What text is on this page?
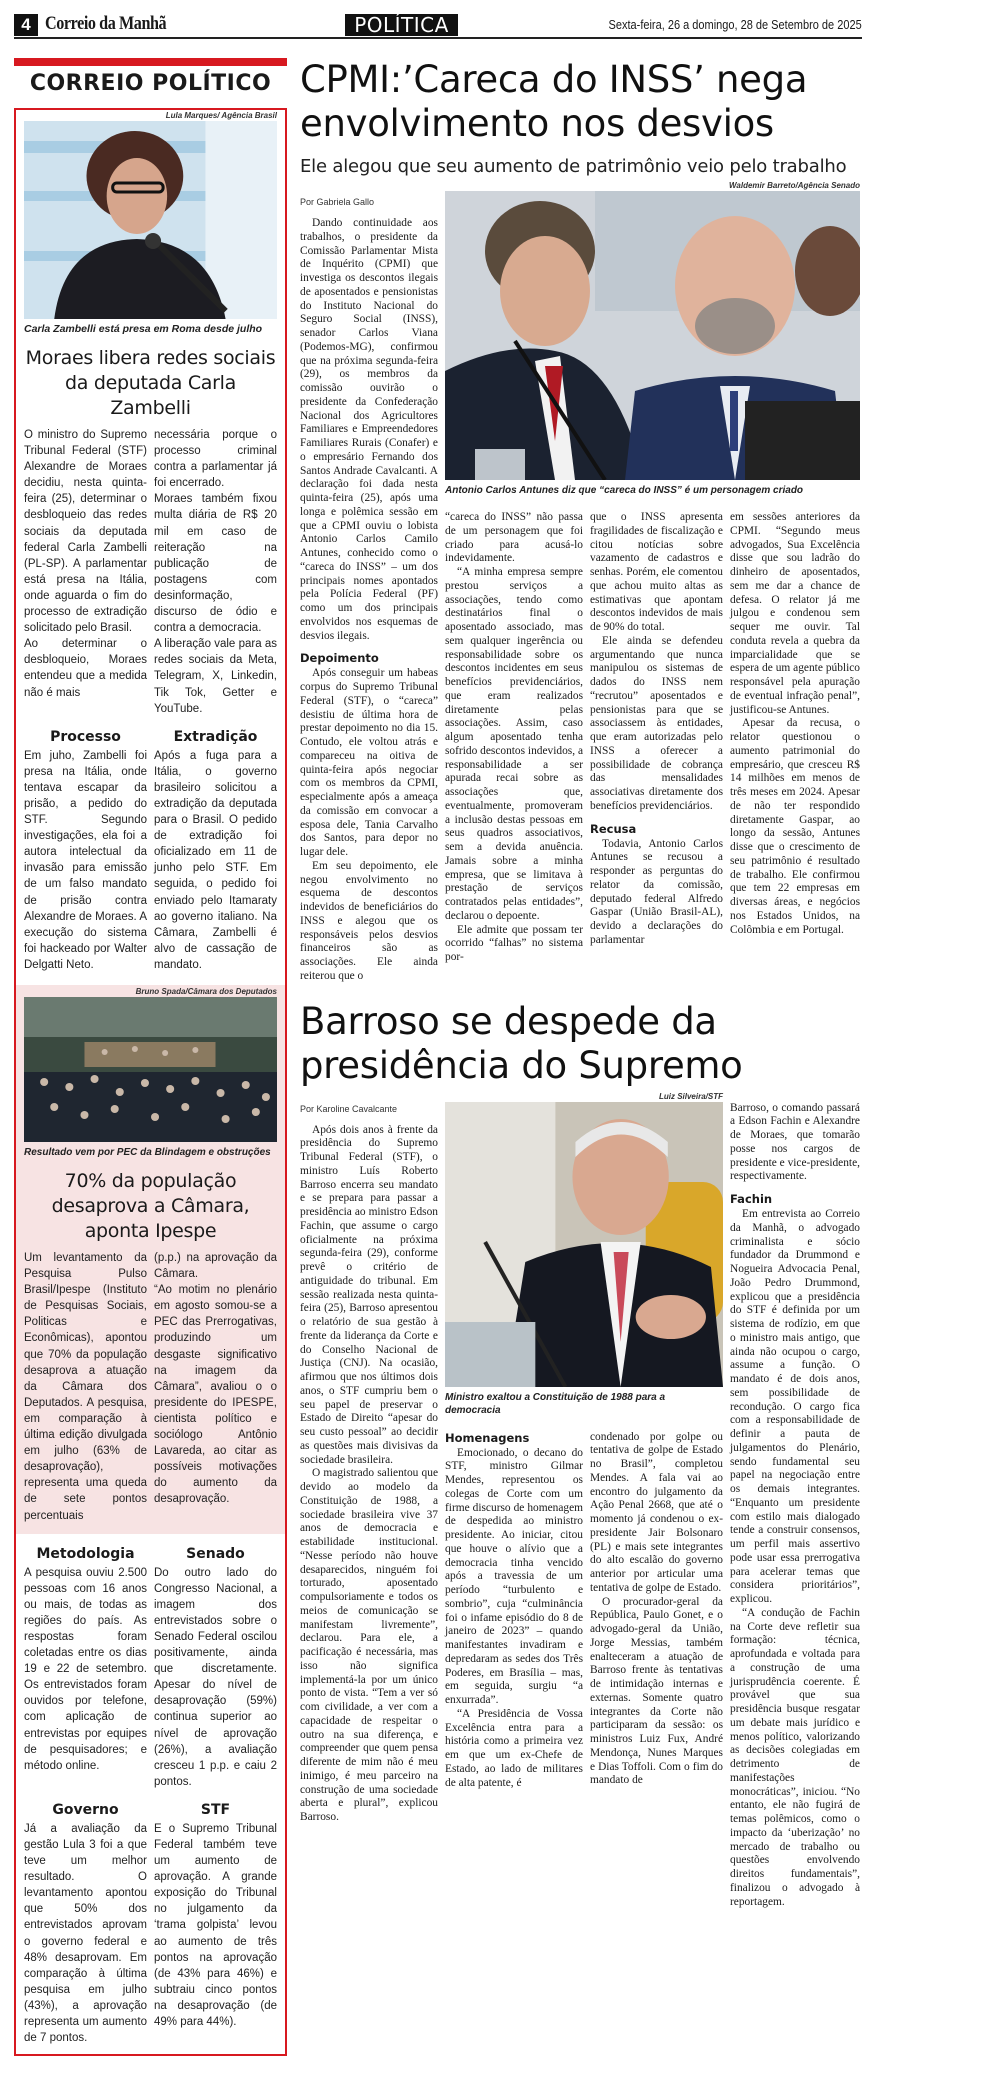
4 Correio da Manhã	POLÍTICA	Sexta-feira, 26 a domingo, 28 de Setembro de 2025
CORREIO POLÍTICO
Lula Marques/ Agência Brasil
Carla Zambelli está presa em Roma desde julho
Moraes libera redes sociais da deputada Carla Zambelli

O ministro do Supremo Tribunal Federal (STF) Alexandre de Moraes decidiu, nesta quinta-feira (25), determinar o desbloqueio das redes sociais da deputada federal Carla Zambelli (PL-SP). A parlamentar está presa na Itália, onde aguarda o fim do processo de extradição solicitado pelo Brasil.

Ao determinar o desbloqueio, Moraes entendeu que a medida não é mais

necessária porque o processo criminal contra a parlamentar já foi encerrado.

Moraes também fixou multa diária de R$ 20 mil em caso de reiteração na publicação de postagens com desinformação, discurso de ódio e contra a democracia.

A liberação vale para as redes sociais da Meta, Telegram, X, Linkedin, Tik Tok, Getter e YouTube.

Processo
Em juho, Zambelli foi presa na Itália, onde tentava escapar da prisão, a pedido do STF. Segundo investigações, ela foi a autora intelectual da invasão para emissão de um falso mandato de prisão contra Alexandre de Moraes. A execução do sistema foi hackeado por Walter Delgatti Neto.
Extradição
Após a fuga para a Itália, o governo brasileiro solicitou a extradição da deputada para o Brasil. O pedido de extradição foi oficializado em 11 de junho pelo STF. Em seguida, o pedido foi enviado pelo Itamaraty ao governo italiano. Na Câmara, Zambelli é alvo de cassação de mandato.
Bruno Spada/Câmara dos Deputados
Resultado vem por PEC da Blindagem e obstruções
70% da população desaprova a Câmara, aponta Ipespe

Um levantamento da Pesquisa Pulso Brasil/Ipespe (Instituto de Pesquisas Sociais, Politicas e Econômicas), apontou que 70% da população desaprova a atuação da Câmara dos Deputados. A pesquisa, em comparação à última edição divulgada em julho (63% de desaprovação), representa uma queda de sete pontos percentuais

(p.p.) na aprovação da Câmara.

“Ao motim no plenário em agosto somou-se a PEC das Prerrogativas, produzindo um desgaste significativo na imagem da Câmara”, avaliou o o presidente do IPESPE, cientista político e sociólogo Antônio Lavareda, ao citar as possíveis motivações do aumento da desaprovação.

Metodologia
A pesquisa ouviu 2.500 pessoas com 16 anos ou mais, de todas as regiões do país. As respostas foram coletadas entre os dias 19 e 22 de setembro. Os entrevistados foram ouvidos por telefone, com aplicação de entrevistas por equipes de pesquisadores; e método online.
Senado
Do outro lado do Congresso Nacional, a imagem dos entrevistados sobre o Senado Federal oscilou positivamente, ainda que discretamente. Apesar do nível de desaprovação (59%) continua superior ao nível de aprovação (26%), a avaliação cresceu 1 p.p. e caiu 2 pontos.
Governo
Já a avaliação da gestão Lula 3 foi a que teve um melhor resultado. O levantamento apontou que 50% dos entrevistados aprovam o governo federal e 48% desaprovam. Em comparação à última pesquisa em julho (43%), a aprovação representa um aumento de 7 pontos.
STF
E o Supremo Tribunal Federal também teve um aumento de aprovação. A grande exposição do Tribunal no julgamento da ‘trama golpista’ levou ao aumento de três pontos na aprovação (de 43% para 46%) e subtraiu cinco pontos na desaprovação (de 49% para 44%).
CPMI:’Careca do INSS’ nega envolvimento nos desvios
Ele alegou que seu aumento de patrimônio veio pelo trabalho
Por Gabriela Gallo

Dando continuidade aos trabalhos, o presidente da Comissão Parlamentar Mista de Inquérito (CPMI) que investiga os descontos ilegais de aposentados e pensionistas do Instituto Nacional do Seguro Social (INSS), senador Carlos Viana (Podemos-MG), confirmou que na próxima segunda-feira (29), os membros da comissão ouvirão o presidente da Confederação Nacional dos Agricultores Familiares e Empreendedores Familiares Rurais (Conafer) e o empresário Fernando dos Santos Andrade Cavalcanti. A declaração foi dada nesta quinta-feira (25), após uma longa e polêmica sessão em que a CPMI ouviu o lobista Antonio Carlos Camilo Antunes, conhecido como o “careca do INSS” – um dos principais nomes apontados pela Polícia Federal (PF) como um dos principais envolvidos nos esquemas de desvios ilegais.

Depoimento

Após conseguir um habeas corpus do Supremo Tribunal Federal (STF), o “careca” desistiu de última hora de prestar depoimento no dia 15. Contudo, ele voltou atrás e compareceu na oitiva de quinta-feira após negociar com os membros da CPMI, especialmente após a ameaça da comissão em convocar a esposa dele, Tania Carvalho dos Santos, para depor no lugar dele.

Em seu depoimento, ele negou envolvimento no esquema de descontos indevidos de beneficiários do INSS e alegou que os responsáveis pelos desvios financeiros são as associações. Ele ainda reiterou que o

Waldemir Barreto/Agência Senado
Antonio Carlos Antunes diz que “careca do INSS” é um personagem criado

“careca do INSS” não passa de um personagem que foi criado para acusá-lo indevidamente.

“A minha empresa sempre prestou serviços a associações, tendo como destinatários final o aposentado associado, mas sem qualquer ingerência ou responsabilidade sobre os descontos incidentes em seus benefícios previdenciários, que eram realizados diretamente pelas associações. Assim, caso algum aposentado tenha sofrido descontos indevidos, a responsabilidade a ser apurada recai sobre as associações que, eventualmente, promoveram a inclusão destas pessoas em seus quadros associativos, sem a devida anuência. Jamais sobre a minha empresa, que se limitava à prestação de serviços contratados pelas entidades”, declarou o depoente.

Ele admite que possam ter ocorrido “falhas” no sistema por-

que o INSS apresenta fragilidades de fiscalização e citou notícias sobre vazamento de cadastros e senhas. Porém, ele comentou que achou muito altas as estimativas que apontam descontos indevidos de mais de 90% do total.

Ele ainda se defendeu argumentando que nunca manipulou os sistemas de dados do INSS nem “recrutou” aposentados e pensionistas para que se associassem às entidades, que eram autorizadas pelo INSS a oferecer a possibilidade de cobrança das mensalidades associativas diretamente dos benefícios previdenciários.

Recusa

Todavia, Antonio Carlos Antunes se recusou a responder as perguntas do relator da comissão, deputado federal Alfredo Gaspar (União Brasil-AL), devido a declarações do parlamentar

em sessões anteriores da CPMI. “Segundo meus advogados, Sua Excelência disse que sou ladrão do dinheiro de aposentados, sem me dar a chance de defesa. O relator já me julgou e condenou sem sequer me ouvir. Tal conduta revela a quebra da imparcialidade que se espera de um agente público responsável pela apuração de eventual infração penal”, justificou-se Antunes.

Apesar da recusa, o relator questionou o aumento patrimonial do empresário, que cresceu R$ 14 milhões em menos de três meses em 2024. Apesar de não ter respondido diretamente Gaspar, ao longo da sessão, Antunes disse que o crescimento de seu patrimônio é resultado de trabalho. Ele confirmou que tem 22 empresas em diversas áreas, e negócios nos Estados Unidos, na Colômbia e em Portugal.

Barroso se despede da presidência do Supremo
Por Karoline Cavalcante

Após dois anos à frente da presidência do Supremo Tribunal Federal (STF), o ministro Luís Roberto Barroso encerra seu mandato e se prepara para passar a presidência ao ministro Edson Fachin, que assume o cargo oficialmente na próxima segunda-feira (29), conforme prevê o critério de antiguidade do tribunal. Em sessão realizada nesta quinta-feira (25), Barroso apresentou o relatório de sua gestão à frente da liderança da Corte e do Conselho Nacional de Justiça (CNJ). Na ocasião, afirmou que nos últimos dois anos, o STF cumpriu bem o seu papel de preservar o Estado de Direito “apesar do seu custo pessoal” ao decidir as questões mais divisivas da sociedade brasileira.

O magistrado salientou que devido ao modelo da Constituição de 1988, a sociedade brasileira vive 37 anos de democracia e estabilidade institucional. “Nesse período não houve desaparecidos, ninguém foi torturado, aposentado compulsoriamente e todos os meios de comunicação se manifestam livremente”, declarou. Para ele, a pacificação é necessária, mas isso não significa implementá-la por um único ponto de vista. “Tem a ver só com civilidade, a ver com a capacidade de respeitar o outro na sua diferença, e compreender que quem pensa diferente de mim não é meu inimigo, é meu parceiro na construção de uma sociedade aberta e plural”, explicou Barroso.

Luiz Silveira/STF
Ministro exaltou a Constituição de 1988 para a democracia
Homenagens

Emocionado, o decano do STF, ministro Gilmar Mendes, representou os colegas de Corte com um firme discurso de homenagem de despedida ao ministro presidente. Ao iniciar, citou que houve o alívio que a democracia tinha vencido após a travessia de um período “turbulento e sombrio”, cuja “culminância foi o infame episódio do 8 de janeiro de 2023” – quando manifestantes invadiram e depredaram as sedes dos Três Poderes, em Brasília – mas, em seguida, surgiu “a enxurrada”.

“A Presidência de Vossa Excelência entra para a história como a primeira vez em que um ex-Chefe de Estado, ao lado de militares de alta patente, é

condenado por golpe ou tentativa de golpe de Estado no Brasil”, completou Mendes. A fala vai ao encontro do julgamento da Ação Penal 2668, que até o momento já condenou o ex-presidente Jair Bolsonaro (PL) e mais sete integrantes do alto escalão do governo anterior por articular uma tentativa de golpe de Estado.

O procurador-geral da República, Paulo Gonet, e o advogado-geral da União, Jorge Messias, também enalteceram a atuação de Barroso frente às tentativas de intimidação internas e externas. Somente quatro integrantes da Corte não participaram da sessão: os ministros Luiz Fux, André Mendonça, Nunes Marques e Dias Toffoli. Com o fim do mandato de

Barroso, o comando passará a Edson Fachin e Alexandre de Moraes, que tomarão posse nos cargos de presidente e vice-presidente, respectivamente.

Fachin

Em entrevista ao Correio da Manhã, o advogado criminalista e sócio fundador da Drummond e Nogueira Advocacia Penal, João Pedro Drummond, explicou que a presidência do STF é definida por um sistema de rodízio, em que o ministro mais antigo, que ainda não ocupou o cargo, assume a função. O mandato é de dois anos, sem possibilidade de recondução. O cargo fica com a responsabilidade de definir a pauta de julgamentos do Plenário, sendo fundamental seu papel na negociação entre os demais integrantes. “Enquanto um presidente com estilo mais dialogado tende a construir consensos, um perfil mais assertivo pode usar essa prerrogativa para acelerar temas que considera prioritários”, explicou.

“A condução de Fachin na Corte deve refletir sua formação: técnica, aprofundada e voltada para a construção de uma jurisprudência coerente. É provável que sua presidência busque resgatar um debate mais jurídico e menos político, valorizando as decisões colegiadas em detrimento de manifestações monocráticas”, iniciou. “No entanto, ele não fugirá de temas polêmicos, como o impacto da ‘uberização’ no mercado de trabalho ou questões envolvendo direitos fundamentais”, finalizou o advogado à reportagem.
